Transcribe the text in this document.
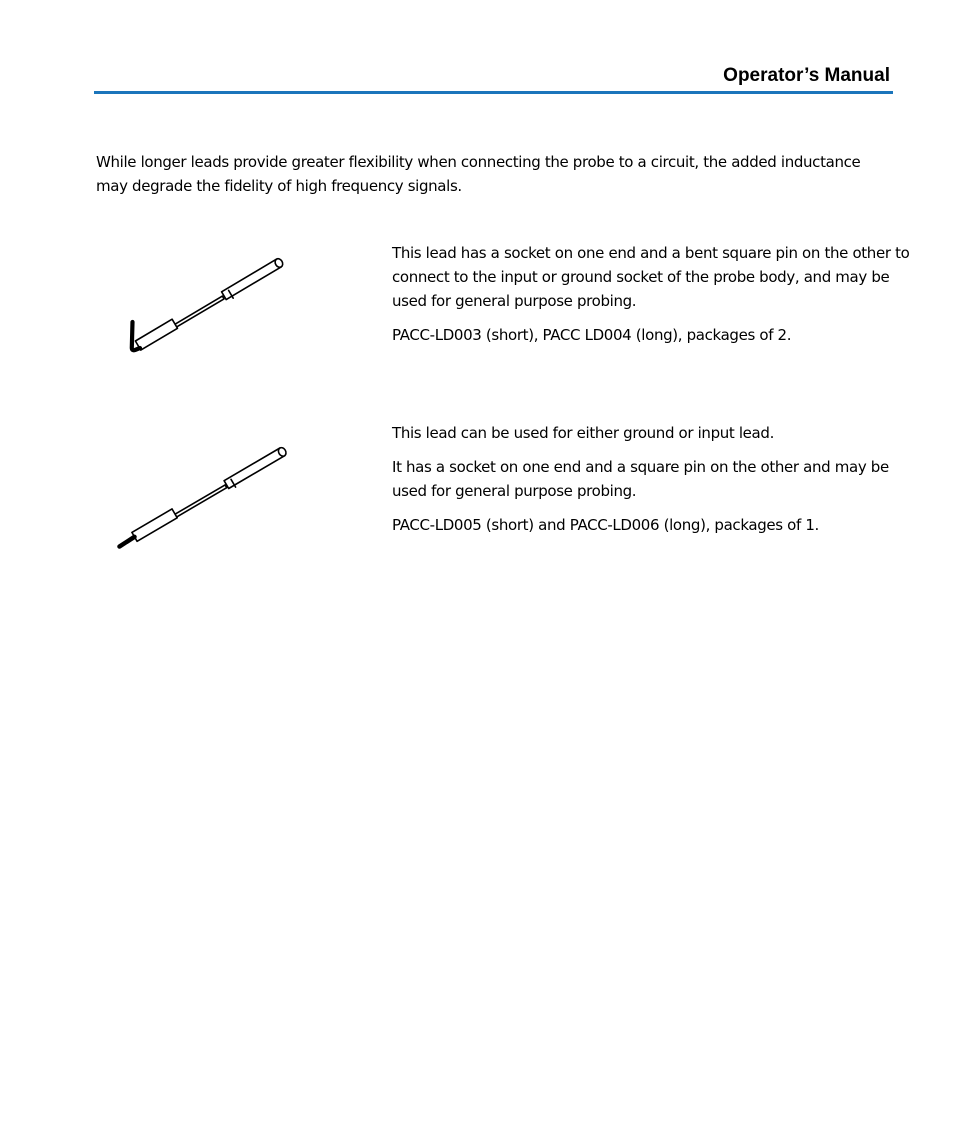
Operator’s Manual

While longer leads provide greater flexibility when connecting the probe to a circuit, the added inductance may degrade the fidelity of high frequency signals.

This lead has a socket on one end and a bent square pin on the other to connect to the input or ground socket of the probe body, and may be used for general purpose probing.

PACC-LD003 (short), PACC LD004 (long), packages of 2.

This lead can be used for either ground or input lead.

It has a socket on one end and a square pin on the other and may be used for general purpose probing.

PACC-LD005 (short) and PACC-LD006 (long), packages of 1.
